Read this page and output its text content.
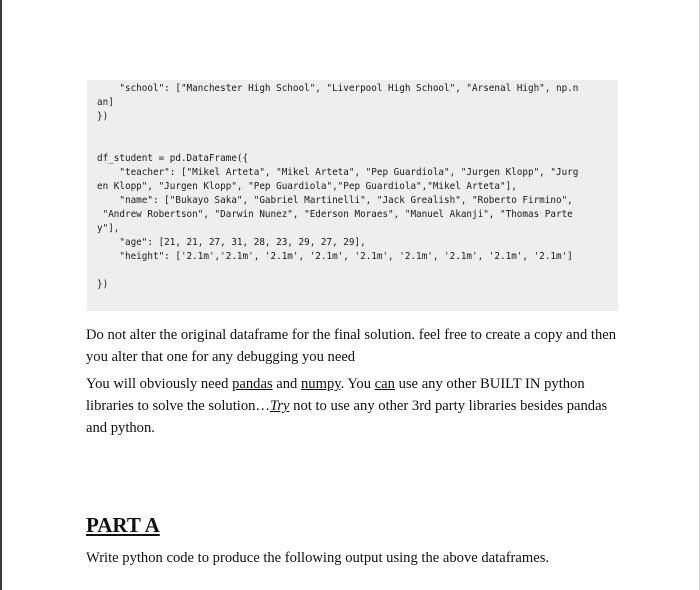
"school": ["Manchester High School", "Liverpool High School", "Arsenal High", np.n
an]
})
df_student = pd.DataFrame({
"teacher": ["Mikel Arteta", "Mikel Arteta", "Pep Guardiola", "Jurgen Klopp", "Jurg
en Klopp", "Jurgen Klopp", "Pep Guardiola","Pep Guardiola","Mikel Arteta"],
"name": ["Bukayo Saka", "Gabriel Martinelli", "Jack Grealish", "Roberto Firmino",
"Andrew Robertson", "Darwin Nunez", "Ederson Moraes", "Manuel Akanji", "Thomas Parte
y"],
"age": [21, 21, 27, 31, 28, 23, 29, 27, 29],
"height": ['2.1m','2.1m', '2.1m', '2.1m', '2.1m', '2.1m', '2.1m', '2.1m', '2.1m']
})

Do not alter the original dataframe for the final solution. feel free to create a copy and then
you alter that one for any debugging you need

You will obviously need pandas and numpy. You can use any other BUILT IN python libraries to solve the solution…Try not to use any other 3rd party libraries besides pandas and python.

PART A

Write python code to produce the following output using the above dataframes.
